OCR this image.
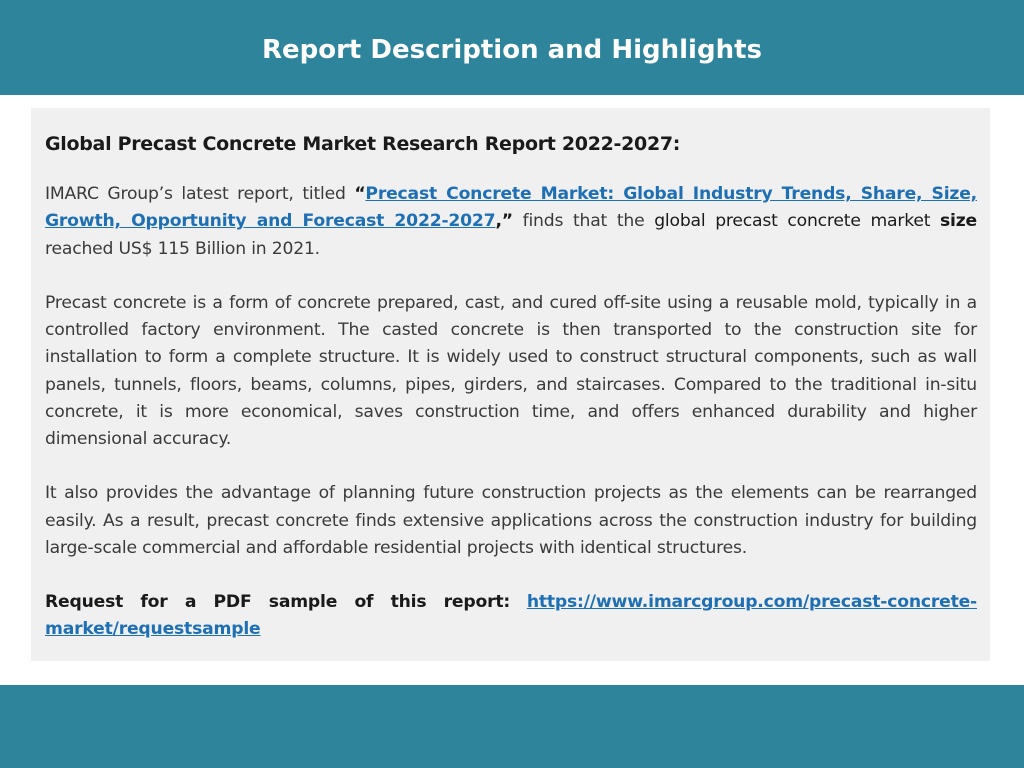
Report Description and Highlights

Global Precast Concrete Market Research Report 2022-2027:

IMARC Group’s latest report, titled “Precast Concrete Market: Global Industry Trends, Share, Size, Growth, Opportunity and Forecast 2022-2027,” finds that the global precast concrete market size reached US$ 115 Billion in 2021.

Precast concrete is a form of concrete prepared, cast, and cured off-site using a reusable mold, typically in a controlled factory environment. The casted concrete is then transported to the construction site for installation to form a complete structure. It is widely used to construct structural components, such as wall panels, tunnels, floors, beams, columns, pipes, girders, and staircases. Compared to the traditional in-situ concrete, it is more economical, saves construction time, and offers enhanced durability and higher dimensional accuracy.

It also provides the advantage of planning future construction projects as the elements can be rearranged easily. As a result, precast concrete finds extensive applications across the construction industry for building large-scale commercial and affordable residential projects with identical structures.

Request for a PDF sample of this report: https://www.imarcgroup.com/precast-concrete-market/requestsample
